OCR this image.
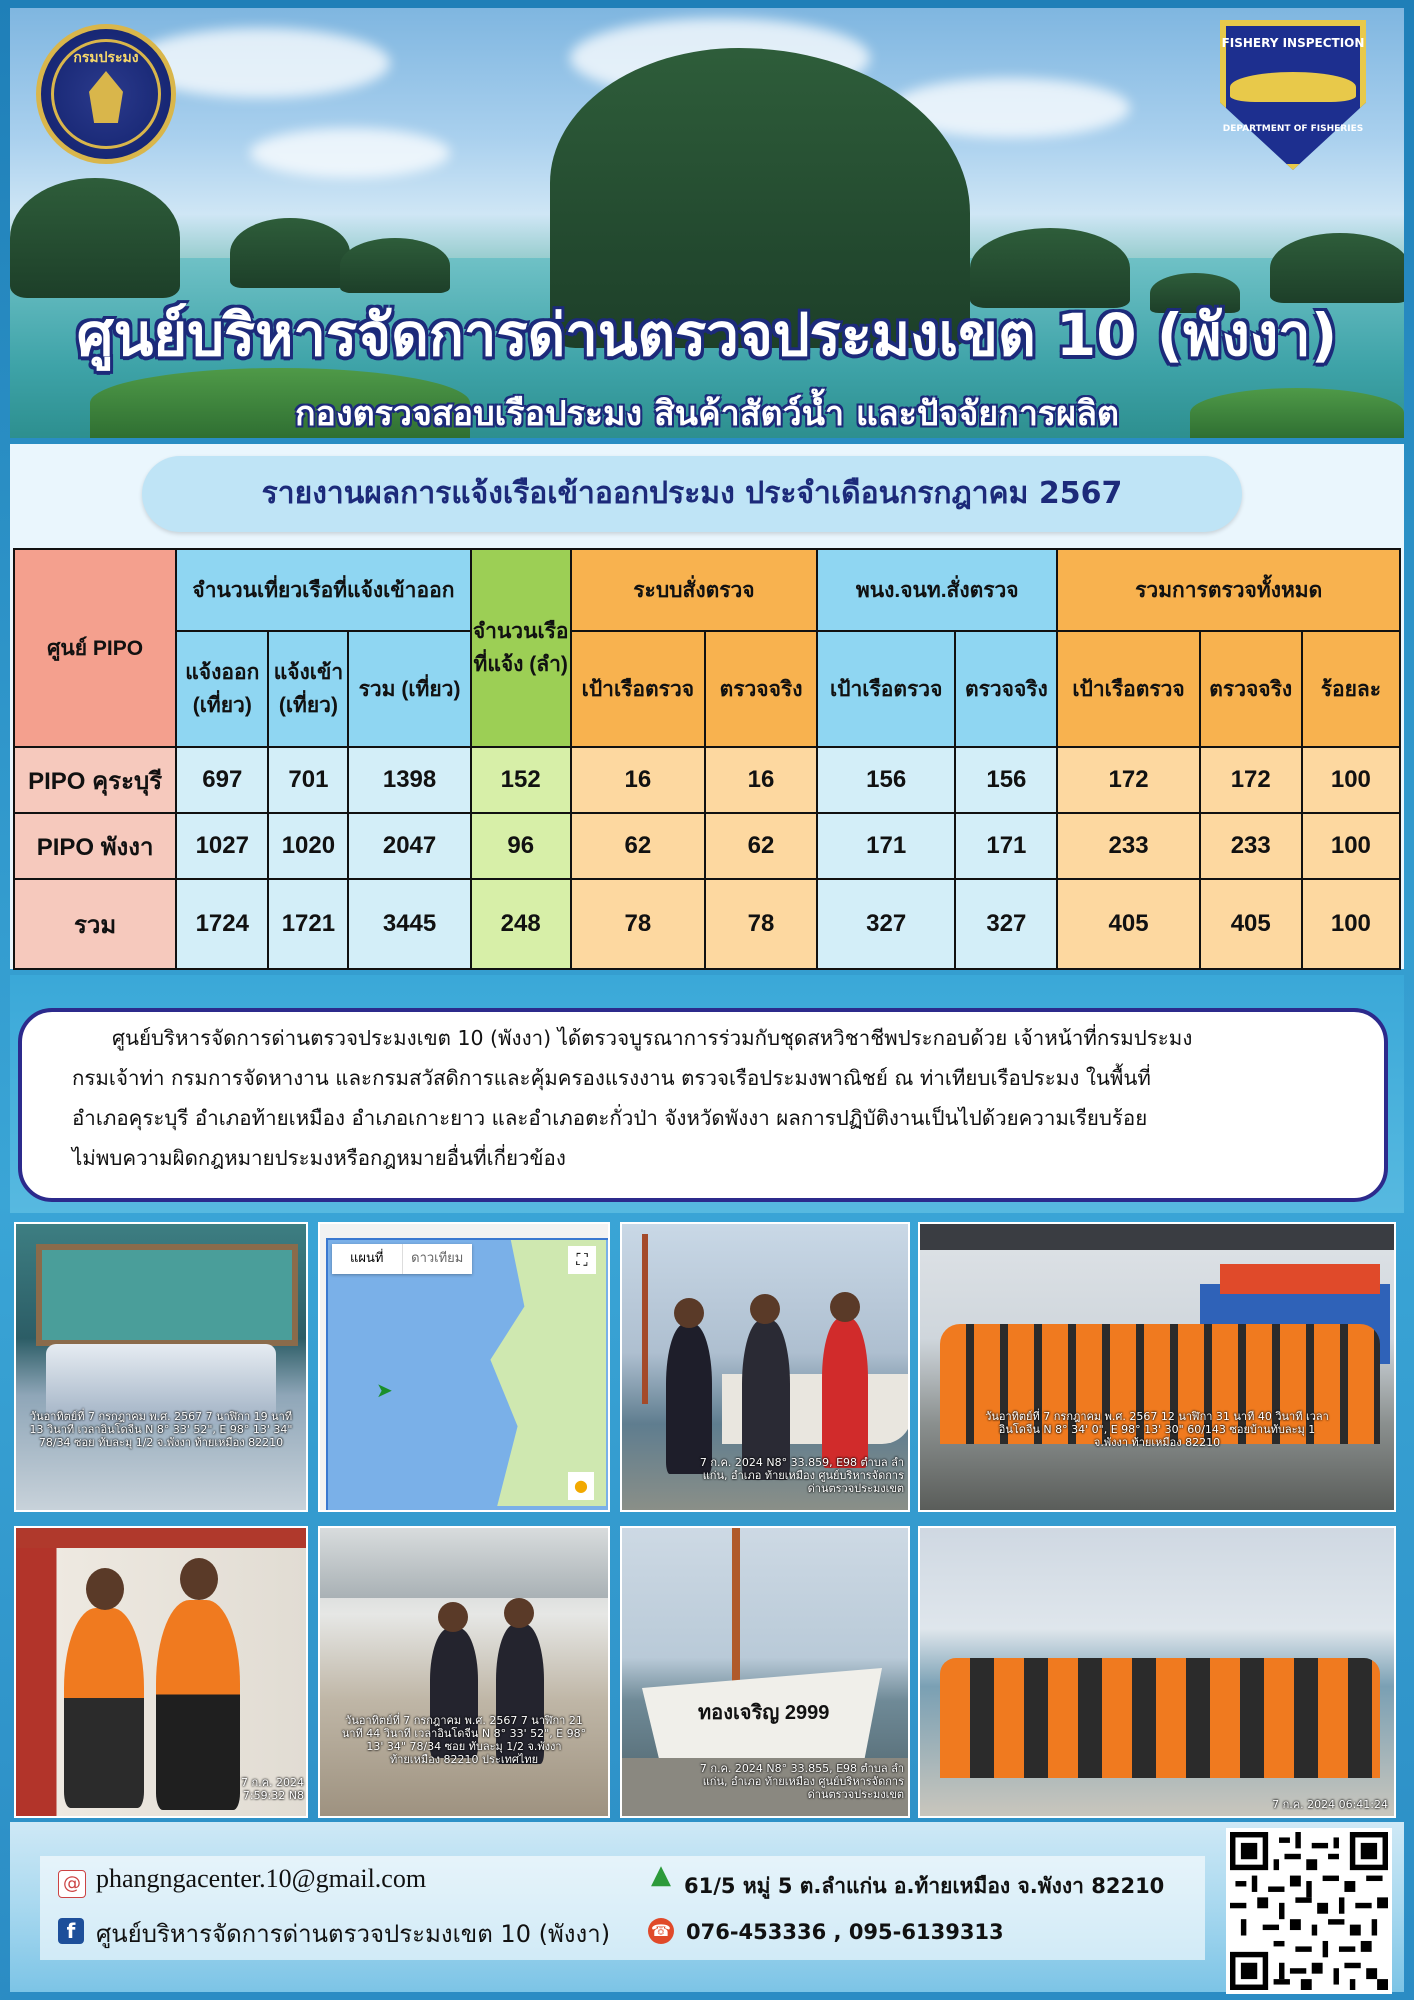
กรมประมง
FISHERY INSPECTION
DEPARTMENT OF FISHERIES
ศูนย์บริหารจัดการด่านตรวจประมงเขต 10 (พังงา)
กองตรวจสอบเรือประมง สินค้าสัตว์น้ำ และปัจจัยการผลิต
รายงานผลการแจ้งเรือเข้าออกประมง ประจำเดือนกรกฎาคม 2567
ศูนย์ PIPO	จำนวนเที่ยวเรือที่แจ้งเข้าออก			จำนวนเรือที่แจ้ง (ลำ)	ระบบสั่งตรวจ		พนง.จนท.สั่งตรวจ		รวมการตรวจทั้งหมด		
	แจ้งออก (เที่ยว)	แจ้งเข้า (เที่ยว)	รวม (เที่ยว)		เป้าเรือตรวจ	ตรวจจริง	เป้าเรือตรวจ	ตรวจจริง	เป้าเรือตรวจ	ตรวจจริง	ร้อยละ
PIPO คุระบุรี	697	701	1398	152	16	16	156	156	172	172	100
PIPO พังงา	1027	1020	2047	96	62	62	171	171	233	233	100
รวม	1724	1721	3445	248	78	78	327	327	405	405	100

ศูนย์บริหารจัดการด่านตรวจประมงเขต 10 (พังงา) ได้ตรวจบูรณาการร่วมกับชุดสหวิชาชีพประกอบด้วย เจ้าหน้าที่กรมประมง

กรมเจ้าท่า กรมการจัดหางาน และกรมสวัสดิการและคุ้มครองแรงงาน ตรวจเรือประมงพาณิชย์ ณ ท่าเทียบเรือประมง ในพื้นที่

อำเภอคุระบุรี อำเภอท้ายเหมือง อำเภอเกาะยาว และอำเภอตะกั่วป่า จังหวัดพังงา ผลการปฏิบัติงานเป็นไปด้วยความเรียบร้อย

ไม่พบความผิดกฎหมายประมงหรือกฎหมายอื่นที่เกี่ยวข้อง

วันอาทิตย์ที่ 7 กรกฎาคม พ.ศ. 2567 7 นาฬิกา 19 นาที 13 วินาที เวลาอินโดจีน N 8° 33' 52", E 98° 13' 34" 78/34 ซอย ทับละมุ 1/2 จ.พังงา ท้ายเหมือง 82210
แผนที่	ดาวเทียม	⛶
➤
●
7 ก.ค. 2024 N8° 33.859, E98 ตำบล ลำแก่น, อำเภอ ท้ายเหมือง ศูนย์บริหารจัดการด่านตรวจประมงเขต
วันอาทิตย์ที่ 7 กรกฎาคม พ.ศ. 2567 12 นาฬิกา 31 นาที 40 วินาที เวลาอินโดจีน N 8° 34' 0", E 98° 13' 30" 60/143 ซอยบ้านทับละมุ 1 จ.พังงา ท้ายเหมือง 82210
7 ก.ค. 2024 7:59:32 N8
วันอาทิตย์ที่ 7 กรกฎาคม พ.ศ. 2567 7 นาฬิกา 21 นาที 44 วินาที เวลาอินโดจีน N 8° 33' 52", E 98° 13' 34" 78/34 ซอย ทับละมุ 1/2 จ.พังงา ท้ายเหมือง 82210 ประเทศไทย
ทองเจริญ 2999
7 ก.ค. 2024 N8° 33.855, E98 ตำบล ลำแก่น, อำเภอ ท้ายเหมือง ศูนย์บริหารจัดการด่านตรวจประมงเขต
7 ก.ค. 2024 06:41:24
@ phangngacenter.10@gmail.com
f ศูนย์บริหารจัดการด่านตรวจประมงเขต 10 (พังงา)
▲ 61/5 หมู่ 5 ต.ลำแก่น อ.ท้ายเหมือง จ.พังงา 82210
☎ 076-453336 , 095-6139313
